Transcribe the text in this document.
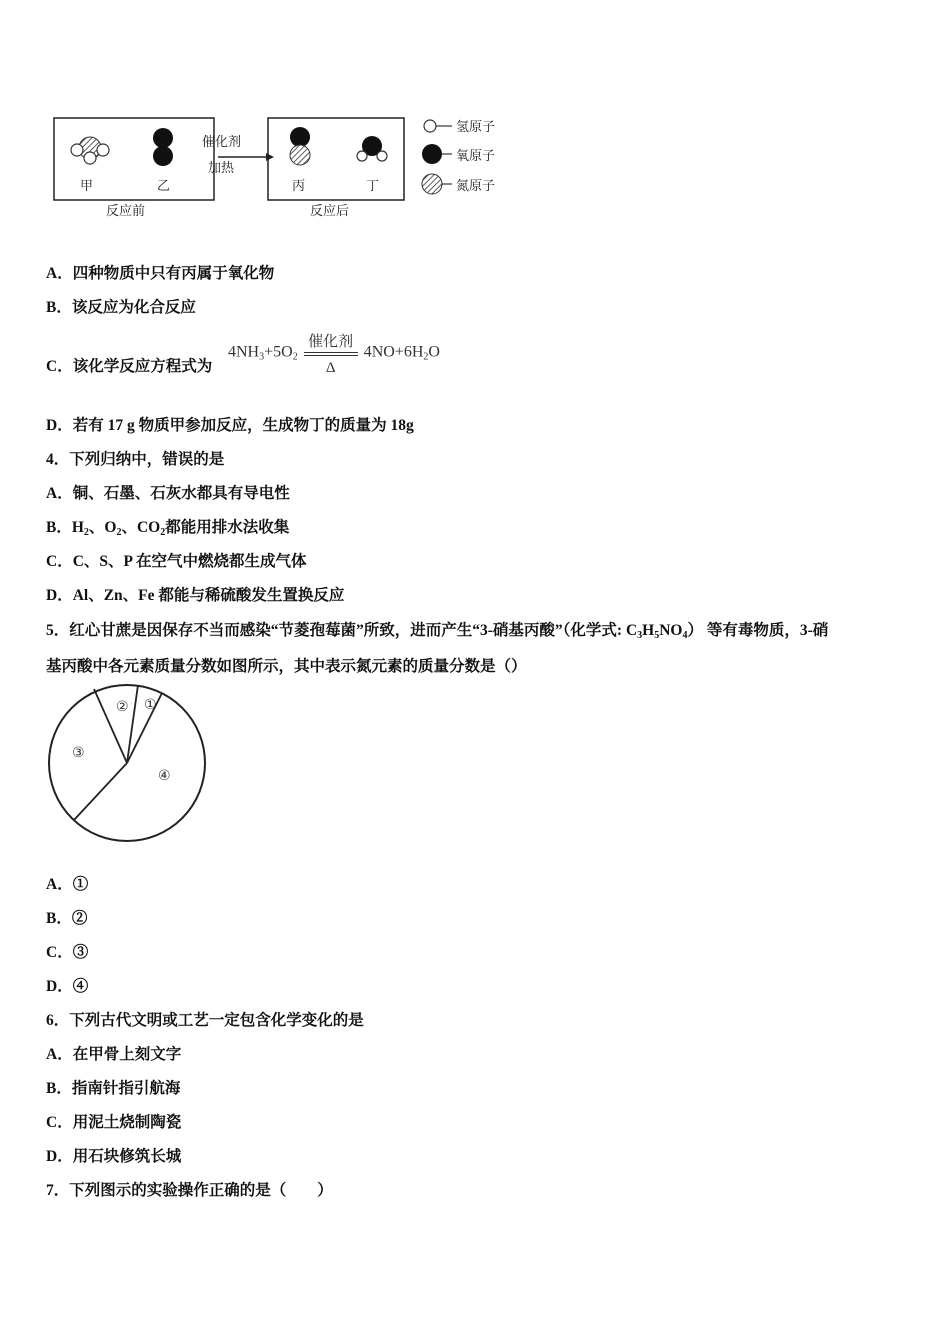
甲	乙
反应前
催化剂
加热
丙	丁
反应后
氢原子
氧原子
氮原子
A．四种物质中只有丙属于氧化物
B．该反应为化合反应
C．该化学反应方程式为
$4NH_3+5O_2 \frac{\text{催化剂}}{\Delta} 4NO+6H_2O$
D．若有 17 g 物质甲参加反应，生成物丁的质量为 18g
4．下列归纳中，错误的是
A．铜、石墨、石灰水都具有导电性
B．$H_2$、$O_2$、$CO_2$都能用排水法收集
C．C、S、P 在空气中燃烧都生成气体
D．Al、Zn、Fe 都能与稀硫酸发生置换反应
5．红心甘蔗是因保存不当而感染“节菱孢莓菌”所致，进而产生“3-硝基丙酸”（化学式: $C_3H_5NO_4$） 等有毒物质，3-硝
基丙酸中各元素质量分数如图所示，其中表示氮元素的质量分数是（）
①
②
③
④
A．①
B．②
C．③
D．④
6．下列古代文明或工艺一定包含化学变化的是
A．在甲骨上刻文字
B．指南针指引航海
C．用泥土烧制陶瓷
D．用石块修筑长城
7．下列图示的实验操作正确的是（　　）
